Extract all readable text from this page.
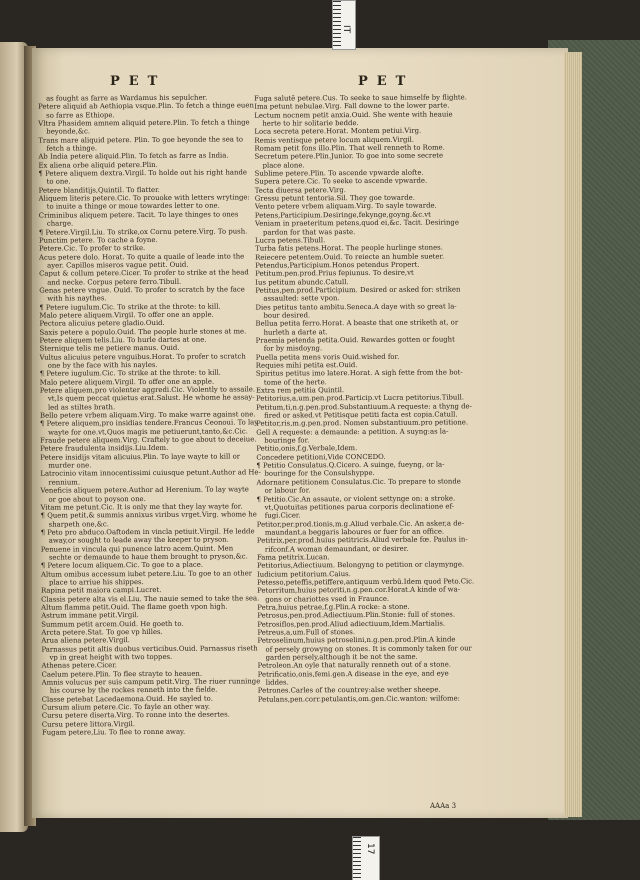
IT
17
PET	PET
as fought as farre as Wardamus his sepulcher.
Petere aliquid ab Aethiopia vsque.Plin. To fetch a thinge euen
so farre as Ethiope.
Vltra Phasidem amnem aliquid petere.Plin. To fetch a thinge
beyonde,&c.
Trans mare aliquid petere. Plin. To goe beyonde the sea to
fetch a thinge.
Ab India petere aliquid.Plin. To fetch as farre as India.
Ex aliena orbe aliquid petere.Plin.
¶ Petere aliquem dextra.Virgil. To holde out his right hande
to one.
Petere blanditijs,Quintil. To flatter.
Aliquem literis petere.Cic. To prouoke with letters wrytinge:
to inuite a thinge or moue towardes letter to one.
Criminibus aliquem petere. Tacit. To laye thinges to ones
charge.
¶ Petere.Virgil.Liu. To strike,ox Cornu petere.Virg. To push.
Punctim petere. To cache a foyne.
Petere.Cic. To profer to strike.
Acus petere dolo. Horat. To quite a quaile of leade into the
ayer. Capillos miseros vague petit. Ouid.
Caput & collum petere.Cicer. To profer to strike at the head
and necke. Corpus petere ferro.Tibull.
Genas petere vngue. Ouid. To profer to scratch by the face
with his naythes.
¶ Petere iugulum.Cic. To strike at the throte: to kill.
Malo petere aliquem.Virgil. To offer one an apple.
Pectora alicuius petere gladio.Ouid.
Saxis petere a populo.Ouid. The people hurle stones at me.
Petere aliquem telis.Liu. To hurle dartes at one.
Sternique telis me petiere manus. Ouid.
Vultus alicuius petere vnguibus.Horat. To profer to scratch
one by the face with his nayles.
¶ Petere iugulum.Cic. To strike at the throte: to kill.
Malo petere aliquem.Virgil. To offer one an apple.
Petere aliquem,pro violenter aggredi.Cic. Violently to assaile.
vt,Is quem peccat quietus erat.Salust. He whome he assay-
led as stiltes brath.
Bello petere vrbem aliquam.Virg. To make warre against one.
¶ Petere aliquem,pro insidias tendere.Francus Ceonoui. To lay
wayte for one.vt,Quos magis me petiuerunt,tanto,&c.Cic.
Fraude petere aliquem.Virg. Craftely to goe about to deceiue.
Petere fraudulenta insidijs.Liu.Idem.
Petere insidijs vitam alicuius.Plin. To laye wayte to kill or
murder one.
Latrocinio vitam innocentissimi cuiusque petunt.Author ad He-
rennium.
Veneficis aliquem petere.Author ad Herenium. To lay wayte
or goe about to poyson one.
Vitam me petunt.Cic. It is only me that they lay wayte for.
¶ Quem petit,& summis annixus viribus vrget.Virg. whome he
sharpeth one,&c.
¶ Peto pro abduco.Oaftodem in vincla petiuit.Virgil. He ledde
away,or sought to leade away the keeper to pryson.
Penuene in vincula qui punence latro acem.Quint. Men
sechte or demaunde to haue them brought to pryson,&c.
¶ Petere locum aliquem.Cic. To goe to a place.
Altum omibus accessum iubet petere.Liu. To goe to an other
place to arriue his shippes.
Rapina petit maiora campi.Lucret.
Classis petere alta vis el.Liu. The nauie semed to take the sea.
Altum flamma petit.Ouid. The flame goeth vpon high.
Astrum immane petit.Virgil.
Summum petit arcem.Ouid. He goeth to.
Arcta petere.Stat. To goe vp hilles.
Arua aliena petere.Virgil.
Parnassus petit altis duobus verticibus.Ouid. Parnassus riseth
vp in great height with two toppes.
Athenas petere.Cicer.
Caelum petere.Plin. To flee strayte to heauen.
Amnis volucus per suis campum petit.Virg. The riuer runninge
his course by the rockes renneth into the fielde.
Classe petebat Lacedaemona.Ouid. He sayled to.
Cursum alium petere.Cic. To fayle an other way.
Cursu petere diserta.Virg. To ronne into the desertes.
Cursu petere littora.Virgil.
Fugam petere,Liu. To flee to ronne away.
Fuga salutē petere.Cus. To seeke to saue himselfe by flighte.
Ima petunt nebulae.Virg. Fall downe to the lower parte.
Lectum nocnem petit anxia.Ouid. She wente with heauie
herte to hir solitarie bedde.
Loca secreta petere.Horat. Montem petiui.Virg.
Remis ventisque petere locum aliquem.Virgil.
Romam petit fons illo.Plin. That well renneth to Rome.
Secretum petere.Plin.Junior. To goe into some secrete
place alone.
Sublime petere.Plin. To ascende vpwarde alofte.
Supera petere.Cic. To seeke to ascende vpwarde.
Tecta diuersa petere.Virg.
Gressu petunt tentoria.Sil. They goe towarde.
Vento petere vrbem aliquam.Virg. To sayle towarde.
Petens,Participium.Desiringe,fekynge,goyng.&c.vt
Veniam in praeteritum petens,quod ei,&c. Tacit. Desiringe
pardon for that was paste.
Lucra petens.Tibull.
Turba fatis petens.Horat. The people hurlinge stones.
Reiecere petentem.Ouid. To reiecte an humble sueter.
Petendus,Participium.Honos petendus Propert.
Petitum.pen.prod.Prius fepiunus. To desire,vt
Ius petitum abundc.Catull.
Petitus,pen.prod.Participium. Desired or asked for: striken
assaulted: sette vpon.
Dies petitus tanto ambitu.Seneca.A daye with so great la-
bour desired.
Bellua petita ferro.Horat. A beaste that one striketh at, or
hurleth a darte at.
Praemia petenda petita.Ouid. Rewardes gotten or fought
for by misdoyng.
Puella petita mens voris Ouid.wished for.
Requies mihi petita est.Ouid.
Spiritus petitus imo latere.Horat. A sigh fette from the bot-
tome of the herte.
Extra rem petitia Quintil.
Petitorius,a,um.pen.prod.Particip.vt Lucra petitorius.Tibull.
Petitum,ti,n.g.pen.prod.Substantiuum.A requeste: a thyng de-
fired or asked.vt Petitisque petiti facta est copia.Catull.
Petitor,ris,m.g.pen.prod. Nomen substantiuum.pro petitione.
Gell A requeste: a demaunde: a petition. A suyng:as la-
bouringe for.
Petitio,onis,f.g.Verbale,Idem.
Concedere petitioni,Vide CONCEDO.
¶ Petitio Consulatus.Q.Cicero. A suinge, fueyng, or la-
bouringe for the Consulshyppe.
Adornare petitionem Consulatus.Cic. To prepare to stonde
or labour for.
¶ Petitio.Cic.An assaute, or violent settynge on: a stroke.
vt,Quotuitas petitiones parua corporis declinatione ef-
fugi.Cicer.
Petitor,per.prod.tionis,m.g.Aliud verbale.Cic. An asker,a de-
maundant,a beggaris laboures or fuer for an office.
Petitrix,per.prod.huius petitricis.Aliud verbale fœ. Paulus in-
rifconf.A woman demaundant, or desirer.
Fama petitrix.Lucan.
Petitorius,Adiectiuum. Belongyng to petition or claymynge.
Iudicium petitorium.Caius.
Petesso,peteffis,petiffere,antiquum verbū.Idem quod Peto.Cic.
Petorritum,huius petoriti,n.g.pen.cor.Horat.A kinde of wa-
gons or chariottes vsed in Fraunce.
Petra,huius petrae,f.g.Plin.A rocke: a stone.
Petrosus,pen.prod.Adiectiuum.Plin.Stonie: full of stones.
Petrosiflos,pen.prod.Aliud adiectiuum,Idem.Martialis.
Petreus,a,um.Full of stones.
Petroselinum,huius petroselini,n.g.pen.prod.Plin.A kinde
of persely growyng on stones. It is commonly taken for our
garden persely,although it be not the same.
Petroleon.An oyle that naturally renneth out of a stone.
Petrificatio,onis,femi.gen.A disease in the eye, and eye
liddes.
Petrones.Carles of the countrey:alse wether sheepe.
Petulans,pen.corr.petulantis,om.gen.Cic.wanton: wilfome:
AAAa 3
